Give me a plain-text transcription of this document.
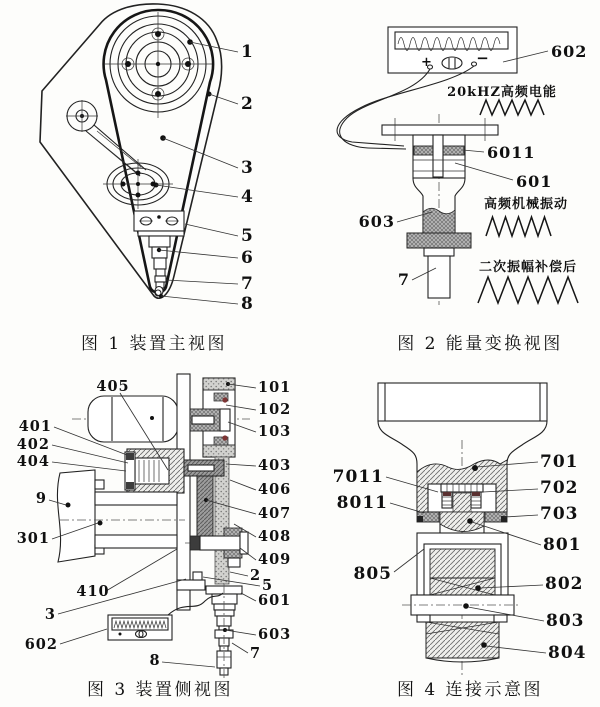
1
2
3
4
5
6
7
8
图 1 装置主视图
+	−
20kHZ高频电能
高频机械振动
二次振幅补偿后
602
6011
601
603
7
图 2 能量变换视图
405
401
402
404
9
301
410
3
602
8
101
102
103
403
406
407
408
409
2
5
601
603
7
图 3 装置侧视图
7011
8011
805
701
702
703
801
802
803
804
图 4 连接示意图
